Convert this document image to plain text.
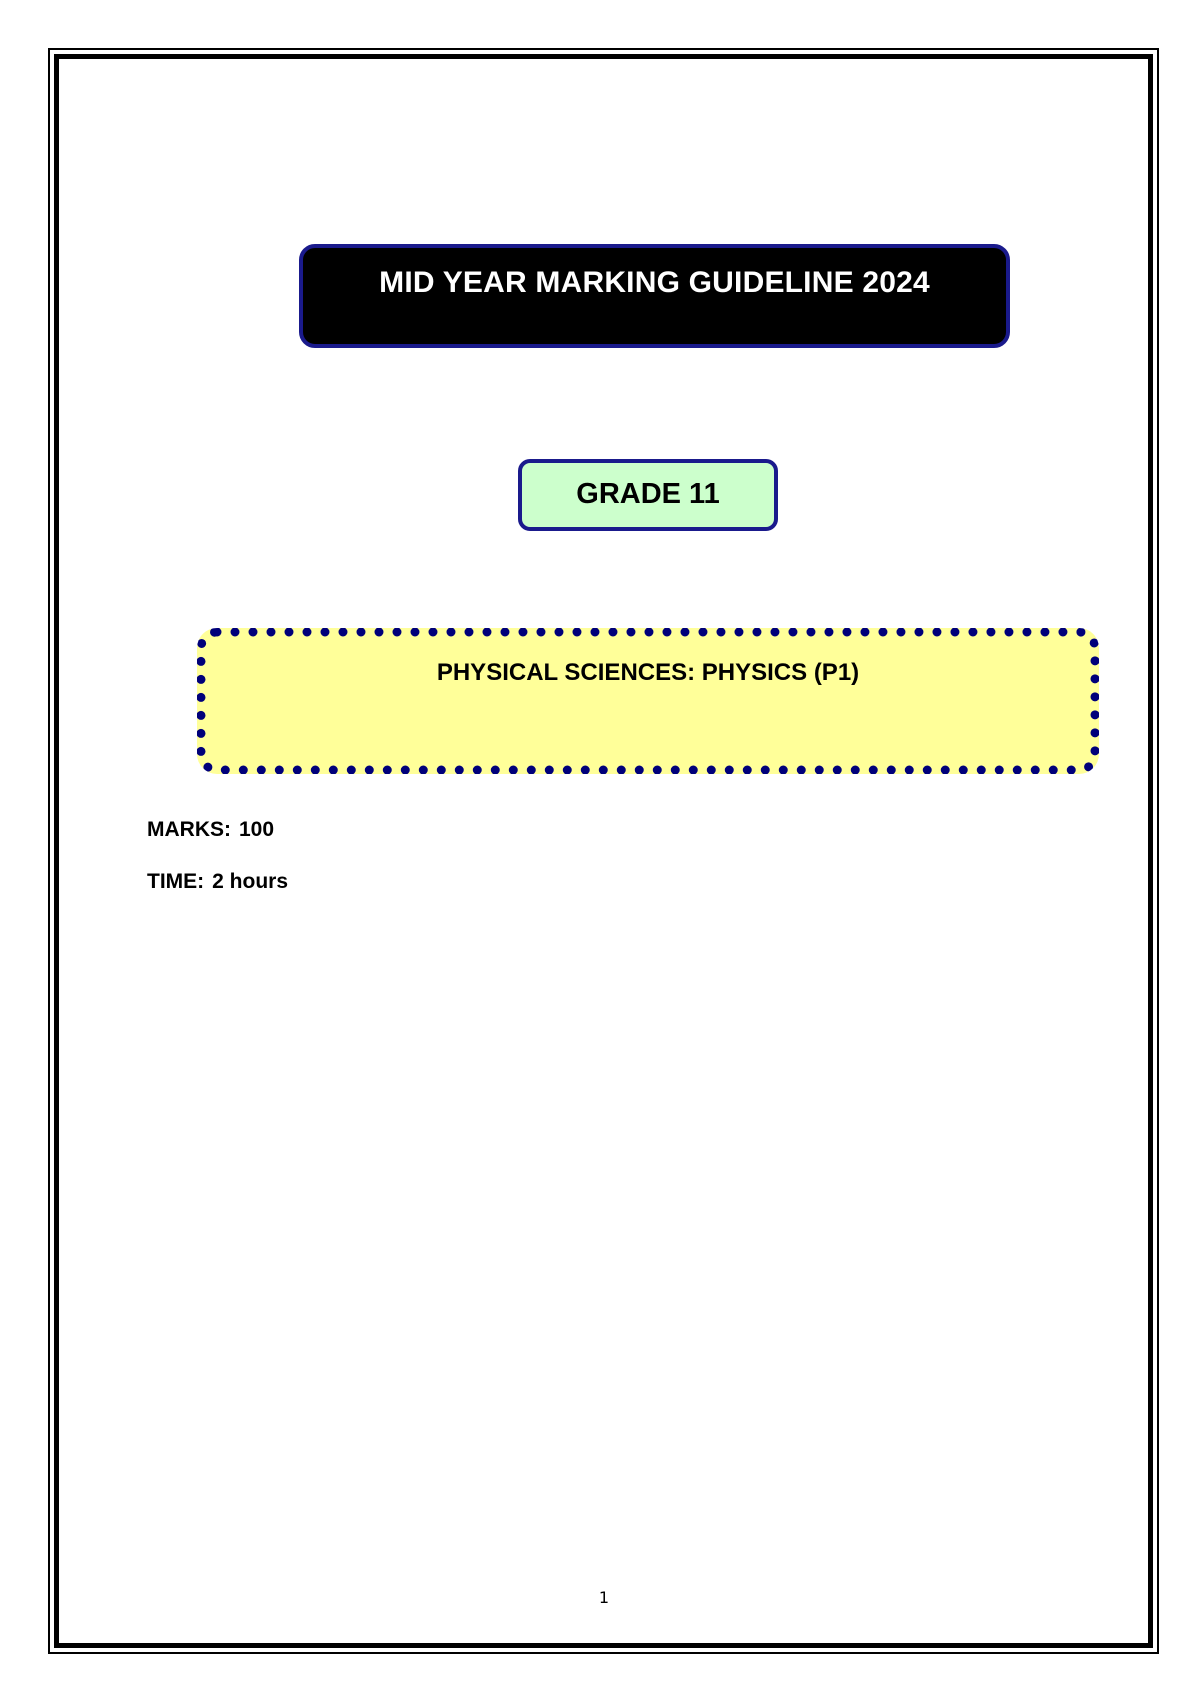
MID YEAR MARKING GUIDELINE 2024
GRADE 11
PHYSICAL SCIENCES: PHYSICS (P1)
MARKS: 100
TIME: 2 hours
1
